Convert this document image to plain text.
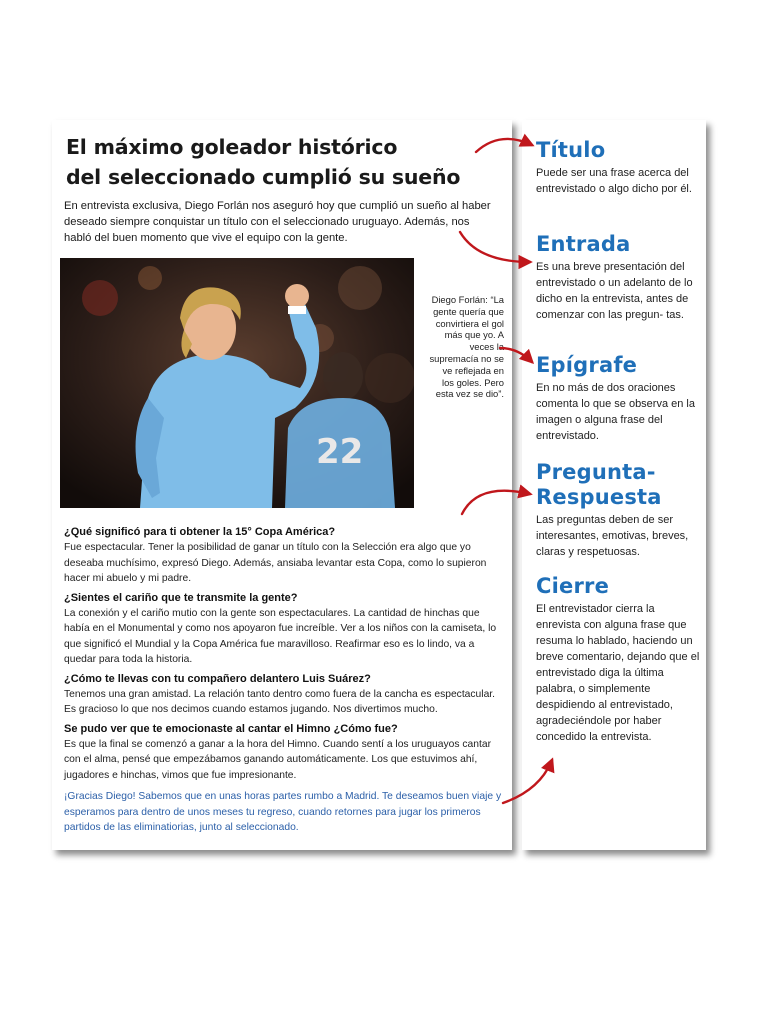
El máximo goleador histórico
del seleccionado cumplió su sueño

En entrevista exclusiva, Diego Forlán nos aseguró hoy que cumplió un sueño al haber deseado siempre conquistar un título con el seleccionado uruguayo. Además, nos habló del buen momento que vive el equipo con la gente.

22

Diego Forlán: “La gente quería que convirtiera el gol más que yo. A veces la supremacía no se ve reflejada en los goles. Pero esta vez se dio”.

¿Qué significó para ti obtener la 15° Copa América?
Fue espectacular. Tener la posibilidad de ganar un título con la Selección era algo que yo deseaba muchísimo, expresó Diego. Además, ansiaba levantar esta Copa, como lo supieron hacer mi abuelo y mi padre.
¿Sientes el cariño que te transmite la gente?
La conexión y el cariño mutio con la gente son espectaculares. La cantidad de hinchas que había en el Monumental y como nos apoyaron fue increíble. Ver a los niños con la camiseta, lo que significó el Mundial y la Copa América fue maravilloso. Reafirmar eso es lo lindo, va a quedar para toda la historia.
¿Cómo te llevas con tu compañero delantero Luis Suárez?
Tenemos una gran amistad. La relación tanto dentro como fuera de la cancha es espectacular. Es gracioso lo que nos decimos cuando estamos jugando. Nos divertimos mucho.
Se pudo ver que te emocionaste al cantar el Himno ¿Cómo fue?
Es que la final se comenzó a ganar a la hora del Himno. Cuando sentí a los uruguayos cantar con el alma, pensé que empezábamos ganando automáticamente. Los que estuvimos ahí, jugadores e hinchas, vimos que fue impresionante.
¡Gracias Diego! Sabemos que en unas horas partes rumbo a Madrid. Te deseamos buen viaje y esperamos para dentro de unos meses tu regreso, cuando retornes para jugar los primeros partidos de las eliminatiorias, junto al seleccionado.
Título
Puede ser una frase acerca del entrevistado o algo dicho por él.
Entrada
Es una breve presentación del entrevistado o un adelanto de lo dicho en la entrevista, antes de comenzar con las pregun- tas.
Epígrafe
En no más de dos oraciones comenta lo que se observa en la imagen o alguna frase del entrevistado.
Pregunta-
Respuesta
Las preguntas deben de ser interesantes, emotivas, breves, claras y respetuosas.
Cierre
El entrevistador cierra la enrevista con alguna frase que resuma lo hablado, haciendo un breve comentario, dejando que el entrevistado diga la última palabra, o simplemente despidiendo al entrevistado, agradeciéndole por haber concedido la entrevista.
